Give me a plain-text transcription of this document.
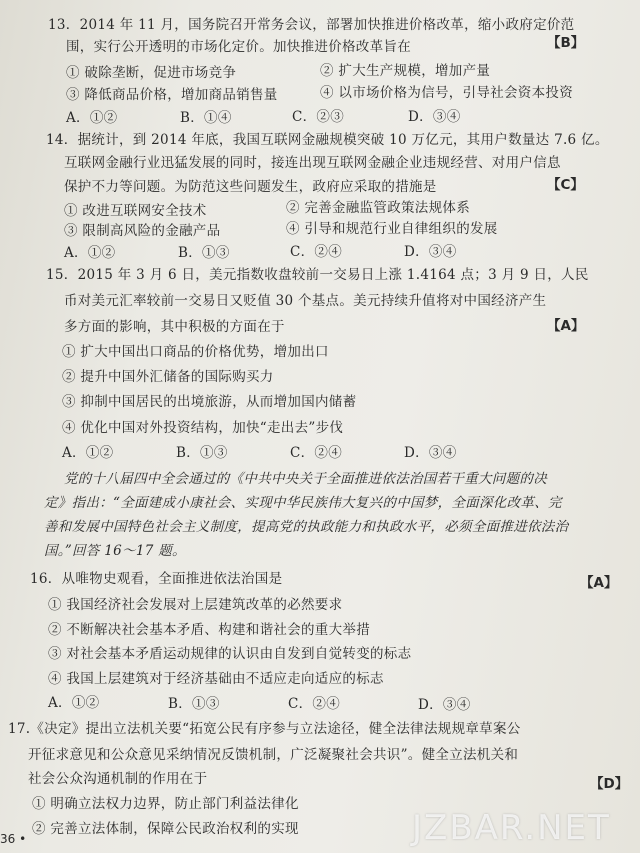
13．2014 年 11 月，国务院召开常务会议，部署加快推进价格改革，缩小政府定价范
围，实行公开透明的市场化定价。加快推进价格改革旨在	【B】
① 破除垄断，促进市场竞争	② 扩大生产规模，增加产量
③ 降低商品价格，增加商品销售量	④ 以市场价格为信号，引导社会资本投资
A．①②	B．①④	C．②③	D．③④
14．据统计，到 2014 年底，我国互联网金融规模突破 10 万亿元，其用户数量达 7.6 亿。
互联网金融行业迅猛发展的同时，接连出现互联网金融企业违规经营、对用户信息
保护不力等问题。为防范这些问题发生，政府应采取的措施是	【C】
① 改进互联网安全技术	② 完善金融监管政策法规体系
③ 限制高风险的金融产品	④ 引导和规范行业自律组织的发展
A．①②	B．①③	C．②④	D．③④
15．2015 年 3 月 6 日，美元指数收盘较前一交易日上涨 1.4164 点；3 月 9 日，人民
币对美元汇率较前一交易日又贬值 30 个基点。美元持续升值将对中国经济产生
多方面的影响，其中积极的方面在于	【A】
① 扩大中国出口商品的价格优势，增加出口
② 提升中国外汇储备的国际购买力
③ 抑制中国居民的出境旅游，从而增加国内储蓄
④ 优化中国对外投资结构，加快“走出去”步伐
A．①②	B．①③	C．②④	D．③④
党的十八届四中全会通过的《中共中央关于全面推进依法治国若干重大问题的决
定》指出：“全面建成小康社会、实现中华民族伟大复兴的中国梦，全面深化改革、完
善和发展中国特色社会主义制度，提高党的执政能力和执政水平，必须全面推进依法治
国。”回答 16～17 题。
16．从唯物史观看，全面推进依法治国是	【A】
① 我国经济社会发展对上层建筑改革的必然要求
② 不断解决社会基本矛盾、构建和谐社会的重大举措
③ 对社会基本矛盾运动规律的认识由自发到自觉转变的标志
④ 我国上层建筑对于经济基础由不适应走向适应的标志
A．①②	B．①③	C．②④	D．③④
17.《决定》提出立法机关要“拓宽公民有序参与立法途径，健全法律法规规章草案公
开征求意见和公众意见采纳情况反馈机制，广泛凝聚社会共识”。健全立法机关和
社会公众沟通机制的作用在于	【D】
① 明确立法权力边界，防止部门利益法律化
② 完善立法体制，保障公民政治权利的实现
36 •	JZBAR.NET
